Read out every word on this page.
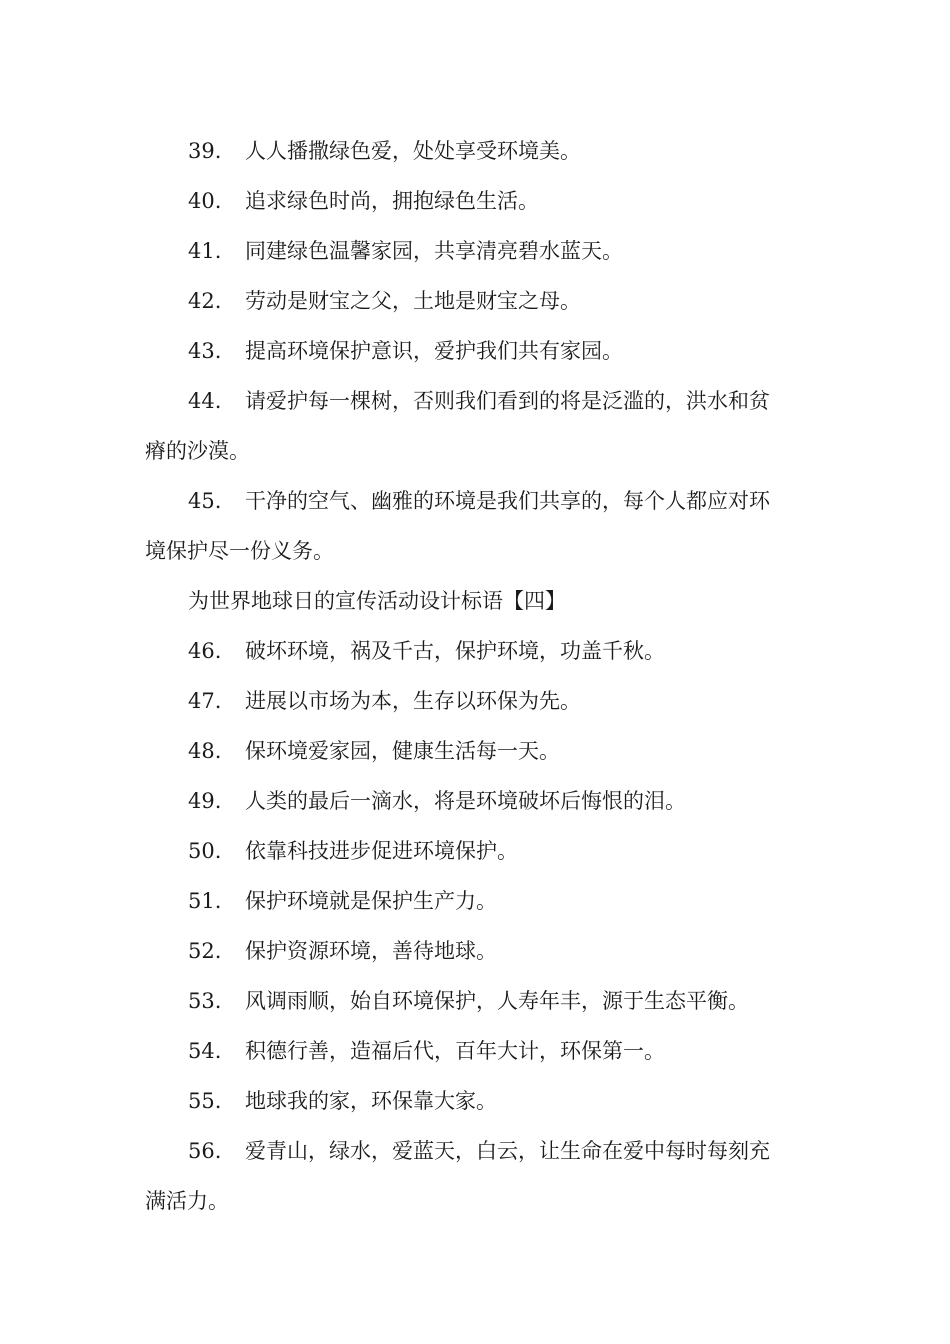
39. 人人播撒绿色爱，处处享受环境美。
40. 追求绿色时尚，拥抱绿色生活。
41. 同建绿色温馨家园，共享清亮碧水蓝天。
42. 劳动是财宝之父，土地是财宝之母。
43. 提高环境保护意识，爱护我们共有家园。
44. 请爱护每一棵树，否则我们看到的将是泛滥的，洪水和贫
瘠的沙漠。
45. 干净的空气、幽雅的环境是我们共享的，每个人都应对环
境保护尽一份义务。
为世界地球日的宣传活动设计标语【四】
46. 破坏环境，祸及千古，保护环境，功盖千秋。
47. 进展以市场为本，生存以环保为先。
48. 保环境爱家园，健康生活每一天。
49. 人类的最后一滴水，将是环境破坏后悔恨的泪。
50. 依靠科技进步促进环境保护。
51. 保护环境就是保护生产力。
52. 保护资源环境，善待地球。
53. 风调雨顺，始自环境保护，人寿年丰，源于生态平衡。
54. 积德行善，造福后代，百年大计，环保第一。
55. 地球我的家，环保靠大家。
56. 爱青山，绿水，爱蓝天，白云，让生命在爱中每时每刻充
满活力。
